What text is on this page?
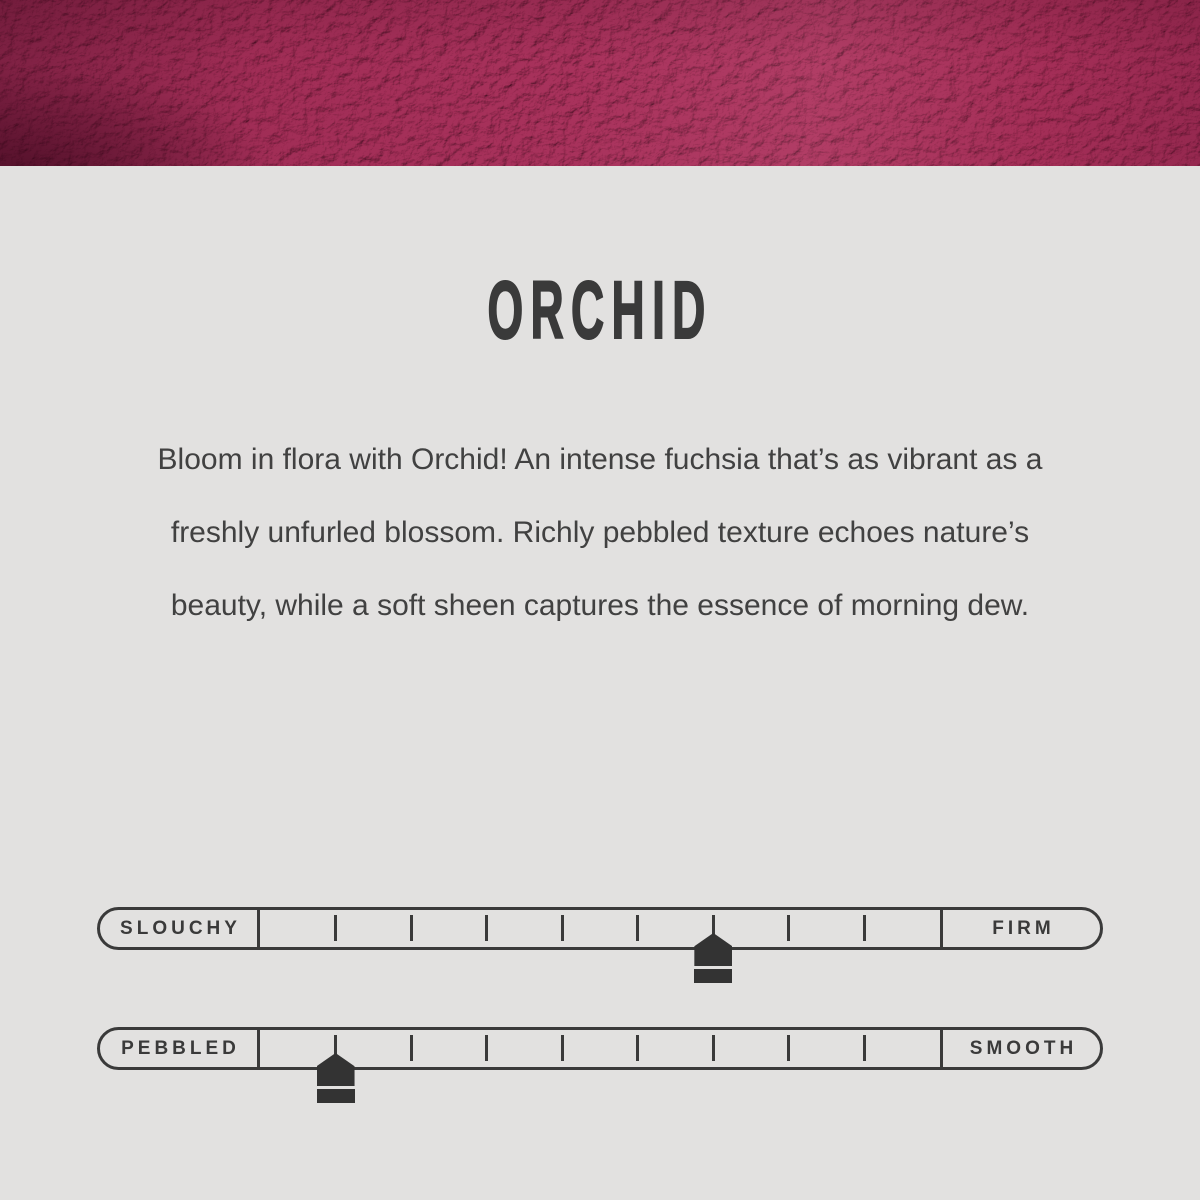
ORCHID
Bloom in flora with Orchid! An intense fuchsia that’s as vibrant as a
freshly unfurled blossom. Richly pebbled texture echoes nature’s
beauty, while a soft sheen captures the essence of morning dew.
SLOUCHY	FIRM
PEBBLED	SMOOTH
